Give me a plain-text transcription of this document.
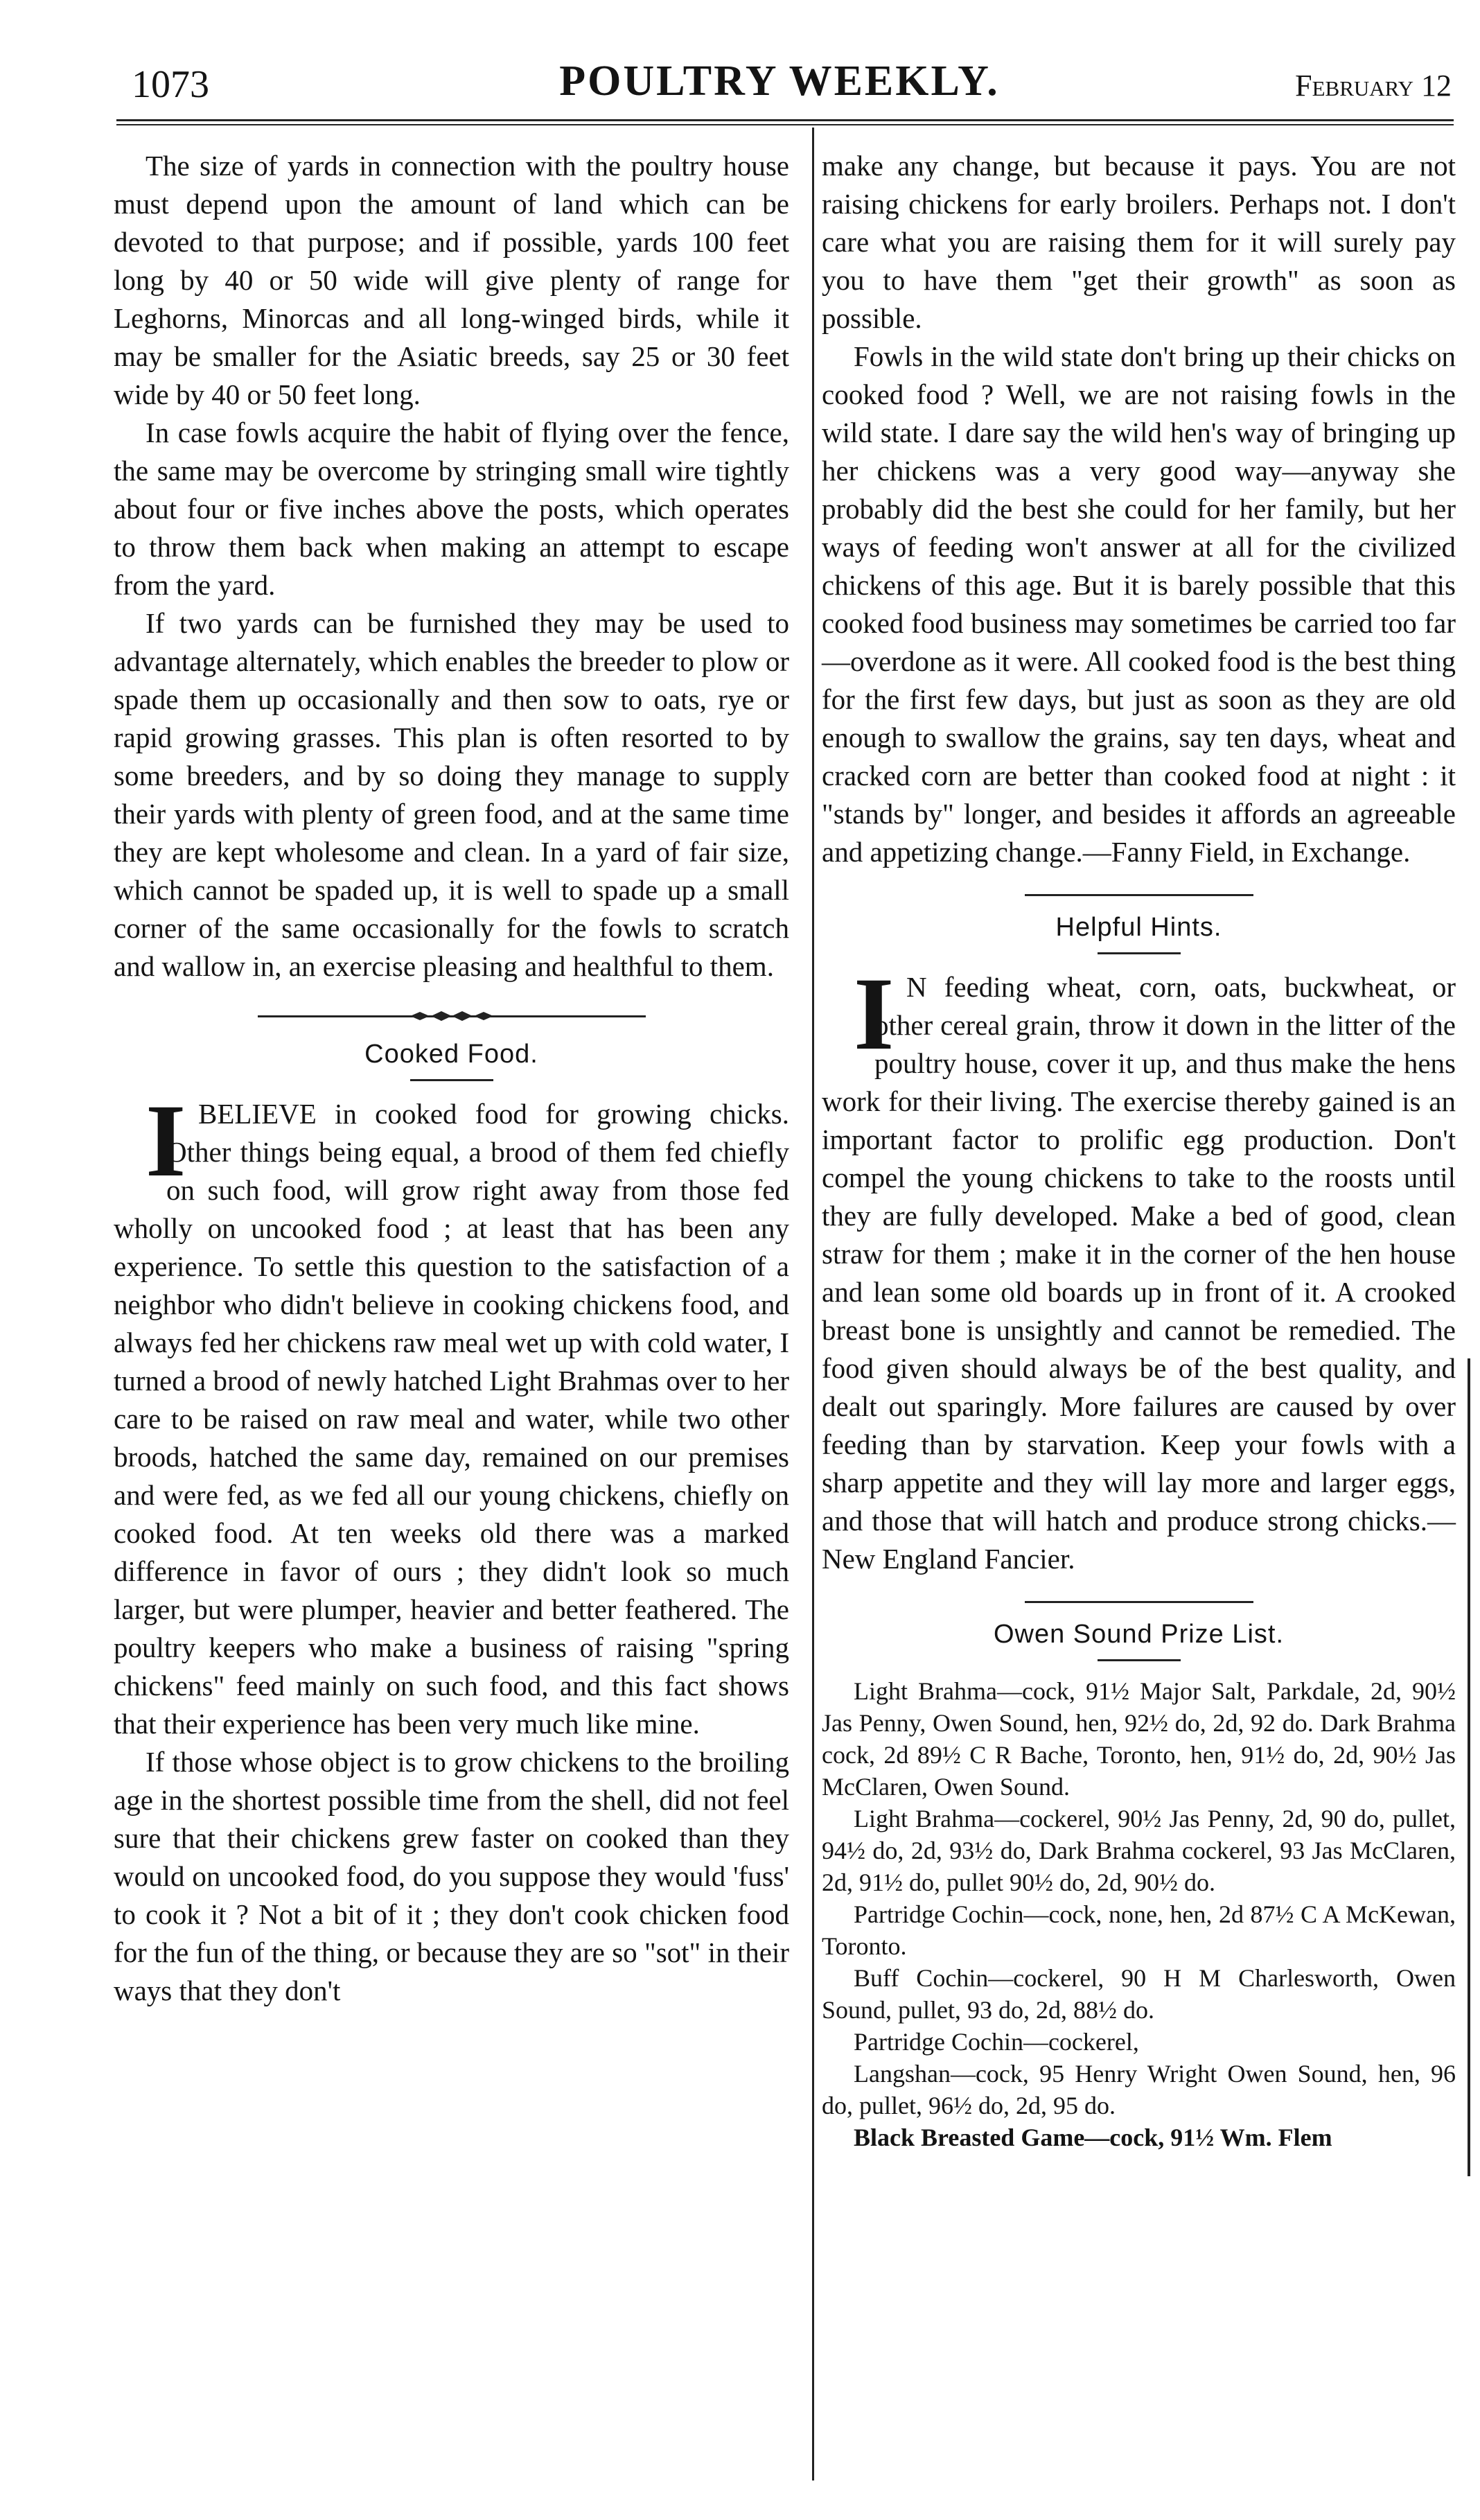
1073	POULTRY WEEKLY.	February 12

The size of yards in connection with the poultry house must depend upon the amount of land which can be devoted to that purpose; and if possible, yards 100 feet long by 40 or 50 wide will give plenty of range for Leghorns, Minorcas and all long-winged birds, while it may be smaller for the Asiatic breeds, say 25 or 30 feet wide by 40 or 50 feet long.

In case fowls acquire the habit of flying over the fence, the same may be overcome by stringing small wire tightly about four or five inches above the posts, which operates to throw them back when making an attempt to escape from the yard.

If two yards can be furnished they may be used to advantage alternately, which enables the breeder to plow or spade them up occasionally and then sow to oats, rye or rapid growing grasses. This plan is often resorted to by some breeders, and by so doing they manage to supply their yards with plenty of green food, and at the same time they are kept wholesome and clean. In a yard of fair size, which cannot be spaded up, it is well to spade up a small corner of the same occasionally for the fowls to scratch and wallow in, an exercise pleasing and healthful to them.

Cooked Food.

IBELIEVE in cooked food for growing chicks. Other things being equal, a brood of them fed chiefly on such food, will grow right away from those fed wholly on uncooked food ; at least that has been any experience. To settle this question to the satisfaction of a neighbor who didn't believe in cooking chickens food, and always fed her chickens raw meal wet up with cold water, I turned a brood of newly hatched Light Brahmas over to her care to be raised on raw meal and water, while two other broods, hatched the same day, remained on our premises and were fed, as we fed all our young chickens, chiefly on cooked food. At ten weeks old there was a marked difference in favor of ours ; they didn't look so much larger, but were plumper, heavier and better feathered. The poultry keepers who make a business of raising "spring chickens" feed mainly on such food, and this fact shows that their experience has been very much like mine.

If those whose object is to grow chickens to the broiling age in the shortest possible time from the shell, did not feel sure that their chickens grew faster on cooked than they would on uncooked food, do you suppose they would 'fuss' to cook it ? Not a bit of it ; they don't cook chicken food for the fun of the thing, or because they are so "sot" in their ways that they don't

make any change, but because it pays. You are not raising chickens for early broilers. Perhaps not. I don't care what you are raising them for it will surely pay you to have them "get their growth" as soon as possible.

Fowls in the wild state don't bring up their chicks on cooked food ? Well, we are not raising fowls in the wild state. I dare say the wild hen's way of bringing up her chickens was a very good way—anyway she probably did the best she could for her family, but her ways of feeding won't answer at all for the civilized chickens of this age. But it is barely possible that this cooked food business may sometimes be carried too far—overdone as it were. All cooked food is the best thing for the first few days, but just as soon as they are old enough to swallow the grains, say ten days, wheat and cracked corn are better than cooked food at night : it "stands by" longer, and besides it affords an agreeable and appetizing change.—Fanny Field, in Exchange.

Helpful Hints.

I N feeding wheat, corn, oats, buckwheat, or other cereal grain, throw it down in the litter of the poultry house, cover it up, and thus make the hens work for their living. The exercise thereby gained is an important factor to prolific egg production. Don't compel the young chickens to take to the roosts until they are fully developed. Make a bed of good, clean straw for them ; make it in the corner of the hen house and lean some old boards up in front of it. A crooked breast bone is unsightly and cannot be remedied. The food given should always be of the best quality, and dealt out sparingly. More failures are caused by over feeding than by starvation. Keep your fowls with a sharp appetite and they will lay more and larger eggs, and those that will hatch and produce strong chicks.—New England Fancier.

Owen Sound Prize List.

Light Brahma—cock, 91½ Major Salt, Parkdale, 2d, 90½ Jas Penny, Owen Sound, hen, 92½ do, 2d, 92 do. Dark Brahma cock, 2d 89½ C R Bache, Toronto, hen, 91½ do, 2d, 90½ Jas McClaren, Owen Sound.

Light Brahma—cockerel, 90½ Jas Penny, 2d, 90 do, pullet, 94½ do, 2d, 93½ do, Dark Brahma cockerel, 93 Jas McClaren, 2d, 91½ do, pullet 90½ do, 2d, 90½ do.

Partridge Cochin—cock, none, hen, 2d 87½ C A McKewan, Toronto.

Buff Cochin—cockerel, 90 H M Charlesworth, Owen Sound, pullet, 93 do, 2d, 88½ do.

Partridge Cochin—cockerel,

Langshan—cock, 95 Henry Wright Owen Sound, hen, 96 do, pullet, 96½ do, 2d, 95 do.

Black Breasted Game—cock, 91½ Wm. Flem
